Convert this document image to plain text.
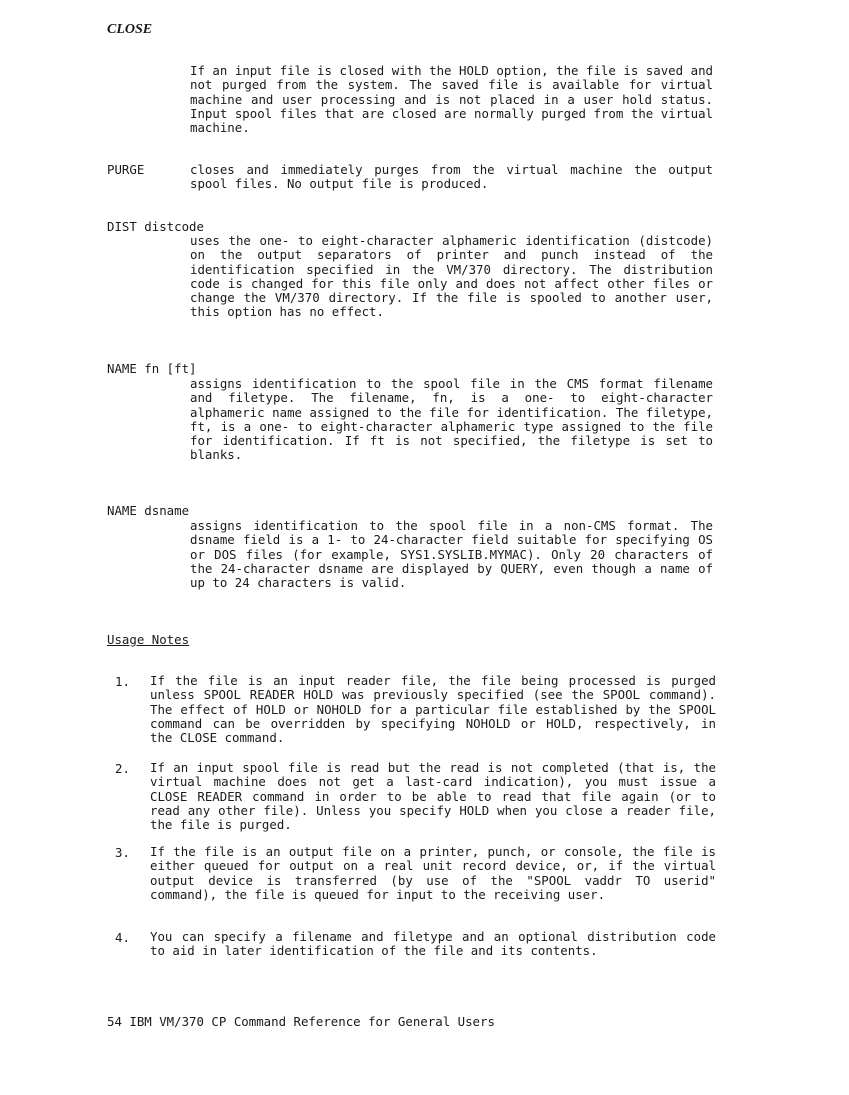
CLOSE
If an input file is closed with the HOLD option, the file is saved and not purged from the system. The saved file is available for virtual machine and user processing and is not placed in a user hold status. Input spool files that are closed are normally purged from the virtual machine.
PURGE	closes and immediately purges from the virtual machine the output spool files. No output file is produced.
DIST distcode
uses the one- to eight-character alphameric identification (distcode) on the output separators of printer and punch instead of the identification specified in the VM/370 directory. The distribution code is changed for this file only and does not affect other files or change the VM/370 directory. If the file is spooled to another user, this option has no effect.
NAME fn [ft]
assigns identification to the spool file in the CMS format filename and filetype. The filename, fn, is a one- to eight-character alphameric name assigned to the file for identification. The filetype, ft, is a one- to eight-character alphameric type assigned to the file for identification. If ft is not specified, the filetype is set to blanks.
NAME dsname
assigns identification to the spool file in a non-CMS format. The dsname field is a 1- to 24-character field suitable for specifying OS or DOS files (for example, SYS1.SYSLIB.MYMAC). Only 20 characters of the 24-character dsname are displayed by QUERY, even though a name of up to 24 characters is valid.
Usage Notes
1. If the file is an input reader file, the file being processed is purged unless SPOOL READER HOLD was previously specified (see the SPOOL command). The effect of HOLD or NOHOLD for a particular file established by the SPOOL command can be overridden by specifying NOHOLD or HOLD, respectively, in the CLOSE command.
2. If an input spool file is read but the read is not completed (that is, the virtual machine does not get a last-card indication), you must issue a CLOSE READER command in order to be able to read that file again (or to read any other file). Unless you specify HOLD when you close a reader file, the file is purged.
3. If the file is an output file on a printer, punch, or console, the file is either queued for output on a real unit record device, or, if the virtual output device is transferred (by use of the "SPOOL vaddr TO userid" command), the file is queued for input to the receiving user.
4. You can specify a filename and filetype and an optional distribution code to aid in later identification of the file and its contents.
54 IBM VM/370 CP Command Reference for General Users
